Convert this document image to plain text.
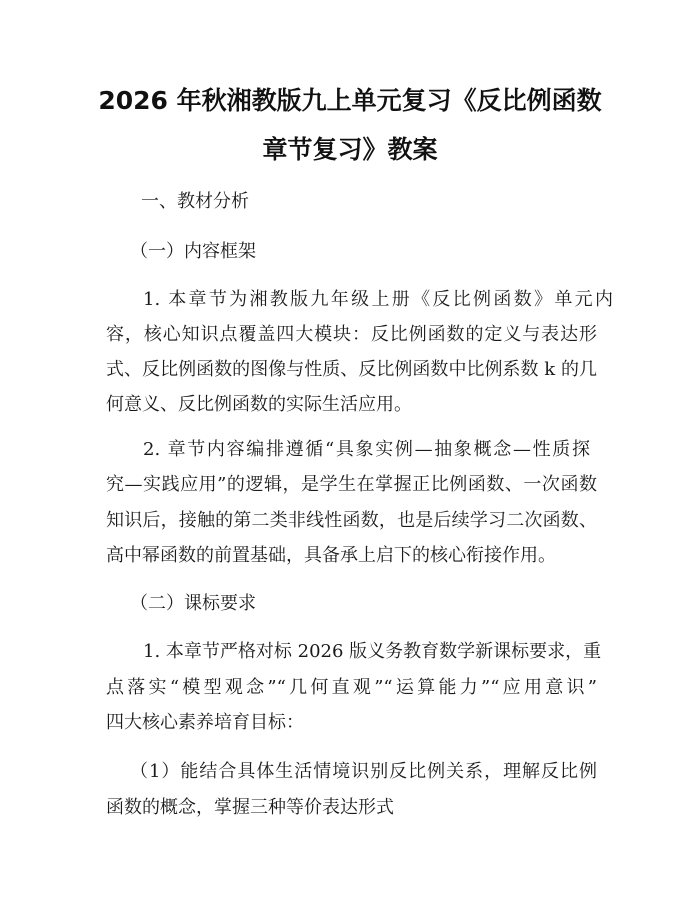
2026 年秋湘教版九上单元复习《反比例函数
章节复习》教案
一、教材分析
（一）内容框架
1. 本章节为湘教版九年级上册《反比例函数》单元内
容，核心知识点覆盖四大模块：反比例函数的定义与表达形
式、反比例函数的图像与性质、反比例函数中比例系数 k 的几
何意义、反比例函数的实际生活应用。
2. 章节内容编排遵循“具象实例—抽象概念—性质探
究—实践应用”的逻辑，是学生在掌握正比例函数、一次函数
知识后，接触的第二类非线性函数，也是后续学习二次函数、
高中幂函数的前置基础，具备承上启下的核心衔接作用。
（二）课标要求
1. 本章节严格对标 2026 版义务教育数学新课标要求，重
点落实“模型观念”“几何直观”“运算能力”“应用意识”
四大核心素养培育目标：
（1）能结合具体生活情境识别反比例关系，理解反比例
函数的概念，掌握三种等价表达形式
